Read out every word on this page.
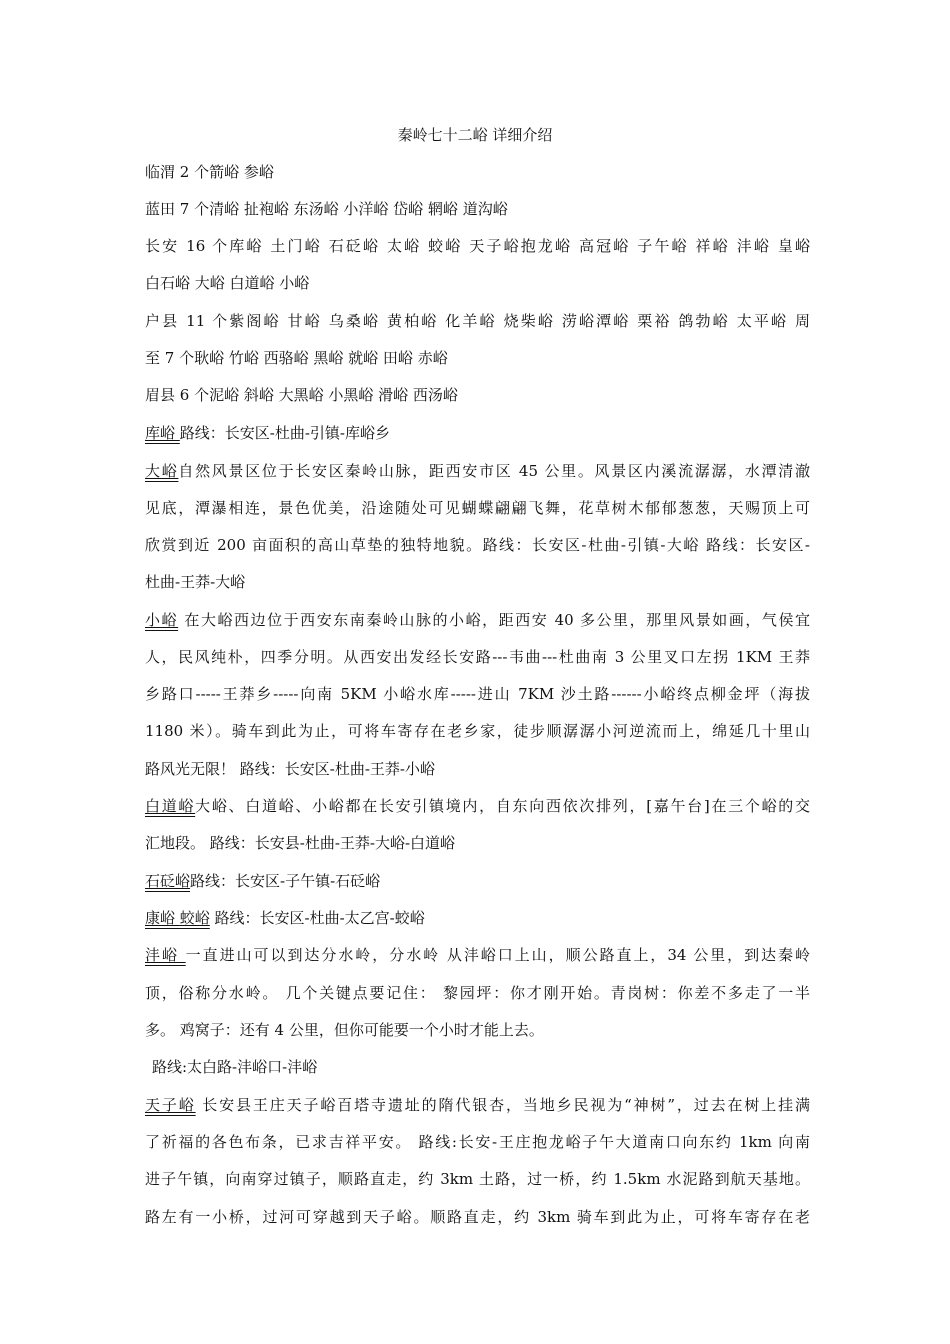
秦岭七十二峪 详细介绍
临渭 2 个箭峪 参峪
蓝田 7 个清峪 扯袍峪 东汤峪 小洋峪 岱峪 辋峪 道沟峪
长安 16 个库峪 土门峪 石砭峪 太峪 蛟峪 天子峪抱龙峪 高冠峪 子午峪 祥峪 沣峪 皇峪
白石峪 大峪 白道峪 小峪
户县 11 个紫阁峪 甘峪 乌桑峪 黄柏峪 化羊峪 烧柴峪 涝峪潭峪 栗裕 鸽勃峪 太平峪 周
至 7 个耿峪 竹峪 西骆峪 黑峪 就峪 田峪 赤峪
眉县 6 个泥峪 斜峪 大黑峪 小黑峪 滑峪 西汤峪
库峪 路线：长安区-杜曲-引镇-库峪乡
大峪自然风景区位于长安区秦岭山脉，距西安市区 45 公里。风景区内溪流潺潺，水潭清澈
见底，潭瀑相连，景色优美，沿途随处可见蝴蝶翩翩飞舞，花草树木郁郁葱葱，天赐顶上可
欣赏到近 200 亩面积的高山草垫的独特地貌。路线：长安区-杜曲-引镇-大峪 路线：长安区-
杜曲-王莽-大峪
小峪 在大峪西边位于西安东南秦岭山脉的小峪，距西安 40 多公里，那里风景如画，气侯宜
人，民风纯朴，四季分明。从西安出发经长安路---韦曲---杜曲南 3 公里叉口左拐 1KM 王莽
乡路口-----王莽乡-----向南 5KM 小峪水库-----进山 7KM 沙土路------小峪终点柳金坪（海拔
1180 米）。骑车到此为止，可将车寄存在老乡家，徒步顺潺潺小河逆流而上，绵延几十里山
路风光无限！ 路线：长安区-杜曲-王莽-小峪
白道峪大峪、白道峪、小峪都在长安引镇境内，自东向西依次排列，[嘉午台]在三个峪的交
汇地段。 路线：长安县-杜曲-王莽-大峪-白道峪
石砭峪路线：长安区-子午镇-石砭峪
康峪 蛟峪 路线：长安区-杜曲-太乙宫-蛟峪
沣峪 一直进山可以到达分水岭，分水岭 从沣峪口上山，顺公路直上，34 公里，到达秦岭
顶，俗称分水岭。 几个关键点要记住： 黎园坪：你才刚开始。青岗树：你差不多走了一半
多。 鸡窝子：还有 4 公里，但你可能要一个小时才能上去。
路线:太白路-沣峪口-沣峪
天子峪 长安县王庄天子峪百塔寺遗址的隋代银杏，当地乡民视为“神树”，过去在树上挂满
了祈福的各色布条，已求吉祥平安。 路线:长安-王庄抱龙峪子午大道南口向东约 1km 向南
进子午镇，向南穿过镇子，顺路直走，约 3km 土路，过一桥，约 1.5km 水泥路到航天基地。
路左有一小桥，过河可穿越到天子峪。顺路直走，约 3km 骑车到此为止，可将车寄存在老
